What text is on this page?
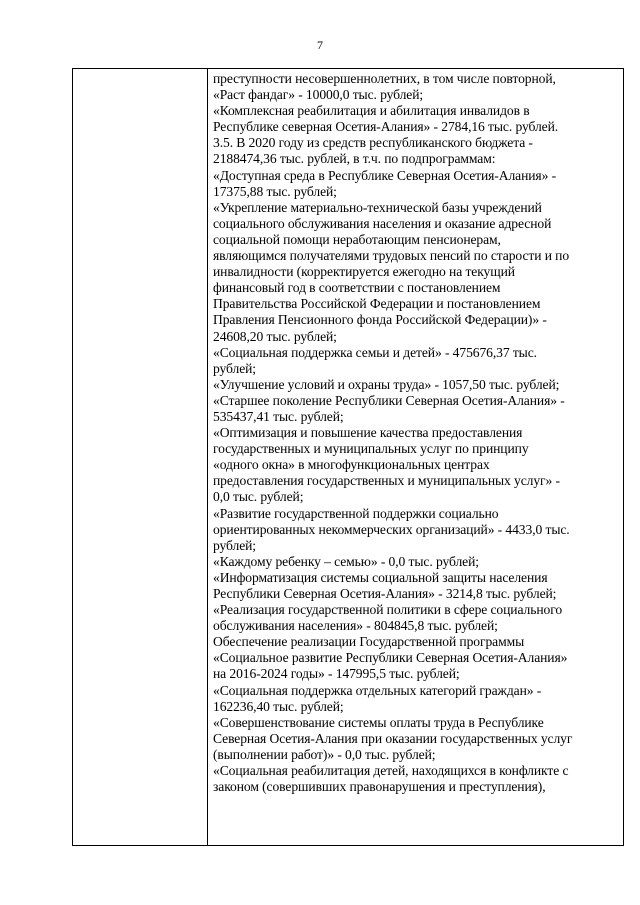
7

преступности несовершеннолетних, в том числе повторной,
«Раст фандаг» - 10000,0 тыс. рублей;
«Комплексная реабилитация и абилитация инвалидов в
Республике северная Осетия-Алания» - 2784,16 тыс. рублей.
3.5. В 2020 году из средств республиканского бюджета -
2188474,36 тыс. рублей, в т.ч. по подпрограммам:
«Доступная среда в Республике Северная Осетия-Алания» -
17375,88 тыс. рублей;
«Укрепление материально-технической базы учреждений
социального обслуживания населения и оказание адресной
социальной помощи неработающим пенсионерам,
являющимся получателями трудовых пенсий по старости и по
инвалидности (корректируется ежегодно на текущий
финансовый год в соответствии с постановлением
Правительства Российской Федерации и постановлением
Правления Пенсионного фонда Российской Федерации)» -
24608,20 тыс. рублей;
«Социальная поддержка семьи и детей» - 475676,37 тыс.
рублей;
«Улучшение условий и охраны труда» - 1057,50 тыс. рублей;
«Старшее поколение Республики Северная Осетия-Алания» -
535437,41 тыс. рублей;
«Оптимизация и повышение качества предоставления
государственных и муниципальных услуг по принципу
«одного окна» в многофункциональных центрах
предоставления государственных и муниципальных услуг» -
0,0 тыс. рублей;
«Развитие государственной поддержки социально
ориентированных некоммерческих организаций» - 4433,0 тыс.
рублей;
«Каждому ребенку – семью» - 0,0 тыс. рублей;
«Информатизация системы социальной защиты населения
Республики Северная Осетия-Алания» - 3214,8 тыс. рублей;
«Реализация государственной политики в сфере социального
обслуживания населения» - 804845,8 тыс. рублей;
Обеспечение реализации Государственной программы
«Социальное развитие Республики Северная Осетия-Алания»
на 2016-2024 годы» - 147995,5 тыс. рублей;
«Социальная поддержка отдельных категорий граждан» -
162236,40 тыс. рублей;
«Совершенствование системы оплаты труда в Республике
Северная Осетия-Алания при оказании государственных услуг
(выполнении работ)» - 0,0 тыс. рублей;
«Социальная реабилитация детей, находящихся в конфликте с
законом (совершивших правонарушения и преступления),
